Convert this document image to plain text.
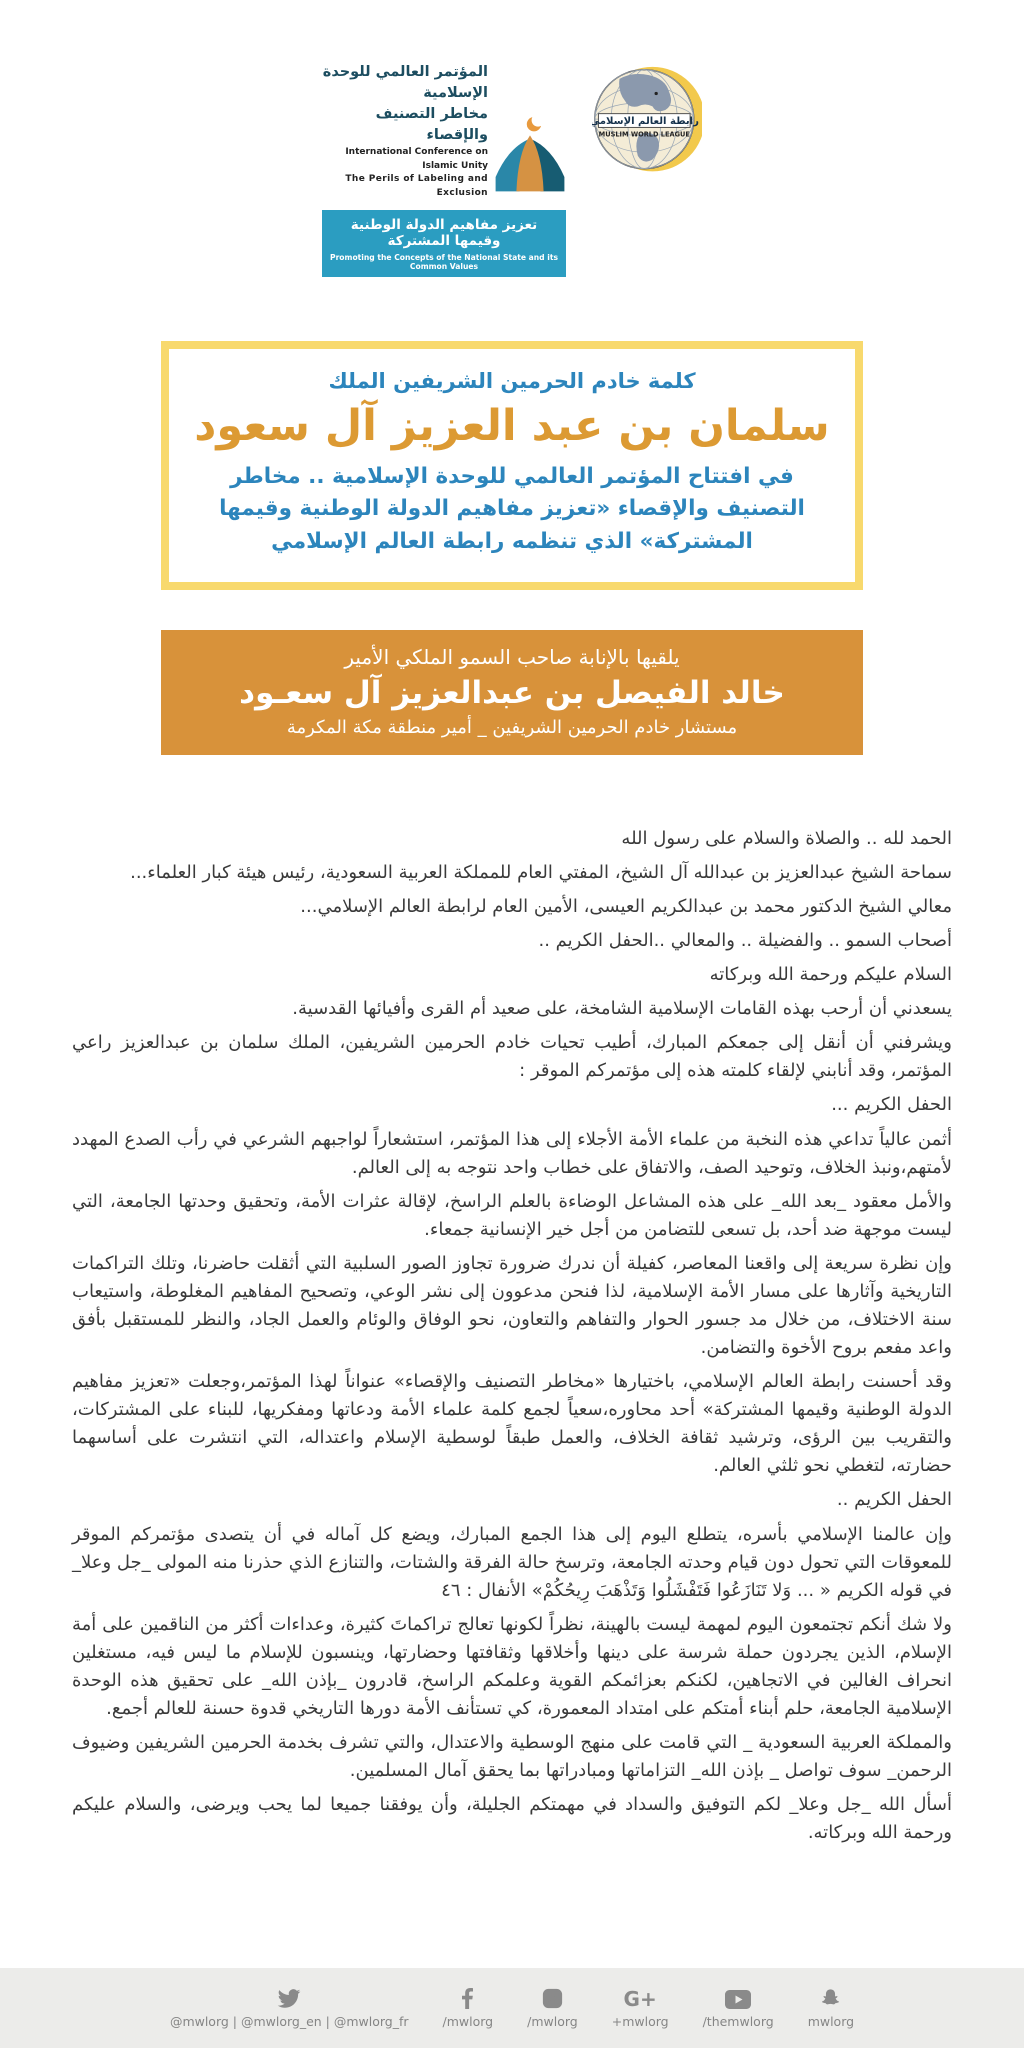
المؤتمر العالمي للوحدة الإسلامية
مخاطر التصنيف والإقصاء
International Conference on Islamic Unity
The Perils of Labeling and Exclusion
تعزيز مفاهيم الدولة الوطنية وقيمها المشتركة
Promoting the Concepts of the National State and its Common Values
رابطة العالم الإسلامي
MUSLIM WORLD LEAGUE
كلمة خادم الحرمين الشريفين الملك
سلمان بن عبد العزيز آل سعود
في افتتاح المؤتمر العالمي للوحدة الإسلامية .. مخاطر التصنيف والإقصاء «تعزيز مفاهيم الدولة الوطنية وقيمها المشتركة» الذي تنظمه رابطة العالم الإسلامي
يلقيها بالإنابة صاحب السمو الملكي الأمير
خالد الفيصل بن عبدالعزيز آل سعـود
مستشار خادم الحرمين الشريفين _ أمير منطقة مكة المكرمة

الحمد لله .. والصلاة والسلام على رسول الله

سماحة الشيخ عبدالعزيز بن عبدالله آل الشيخ، المفتي العام للمملكة العربية السعودية، رئيس هيئة كبار العلماء...

معالي الشيخ الدكتور محمد بن عبدالكريم العيسى، الأمين العام لرابطة العالم الإسلامي...

أصحاب السمو .. والفضيلة .. والمعالي ..الحفل الكريم ..

السلام عليكم ورحمة الله وبركاته

يسعدني أن أرحب بهذه القامات الإسلامية الشامخة، على صعيد أم القرى وأفيائها القدسية.

ويشرفني أن أنقل إلى جمعكم المبارك، أطيب تحيات خادم الحرمين الشريفين، الملك سلمان بن عبدالعزيز راعي المؤتمر، وقد أنابني لإلقاء كلمته هذه إلى مؤتمركم الموقر :

الحفل الكريم ...

أثمن عالياً تداعي هذه النخبة من علماء الأمة الأجلاء إلى هذا المؤتمر، استشعاراً لواجبهم الشرعي في رأب الصدع المهدد لأمتهم،ونبذ الخلاف، وتوحيد الصف، والاتفاق على خطاب واحد نتوجه به إلى العالم.

والأمل معقود _بعد الله_ على هذه المشاعل الوضاءة بالعلم الراسخ، لإقالة عثرات الأمة، وتحقيق وحدتها الجامعة، التي ليست موجهة ضد أحد، بل تسعى للتضامن من أجل خير الإنسانية جمعاء.

وإن نظرة سريعة إلى واقعنا المعاصر، كفيلة أن ندرك ضرورة تجاوز الصور السلبية التي أثقلت حاضرنا، وتلك التراكمات التاريخية وآثارها على مسار الأمة الإسلامية، لذا فنحن مدعوون إلى نشر الوعي، وتصحيح المفاهيم المغلوطة، واستيعاب سنة الاختلاف، من خلال مد جسور الحوار والتفاهم والتعاون، نحو الوفاق والوئام والعمل الجاد، والنظر للمستقبل بأفق واعد مفعم بروح الأخوة والتضامن.

وقد أحسنت رابطة العالم الإسلامي، باختيارها «مخاطر التصنيف والإقصاء» عنواناً لهذا المؤتمر،وجعلت «تعزيز مفاهيم الدولة الوطنية وقيمها المشتركة» أحد محاوره،سعياً لجمع كلمة علماء الأمة ودعاتها ومفكريها، للبناء على المشتركات، والتقريب بين الرؤى، وترشيد ثقافة الخلاف، والعمل طبقاً لوسطية الإسلام واعتداله، التي انتشرت على أساسهما حضارته، لتغطي نحو ثلثي العالم.

الحفل الكريم ..

وإن عالمنا الإسلامي بأسره، يتطلع اليوم إلى هذا الجمع المبارك، ويضع كل آماله في أن يتصدى مؤتمركم الموقر للمعوقات التي تحول دون قيام وحدته الجامعة، وترسخ حالة الفرقة والشتات، والتنازع الذي حذرنا منه المولى _جل وعلا_ في قوله الكريم « ... وَلا تَنَازَعُوا فَتَفْشَلُوا وَتَذْهَبَ رِيحُكُمْ» الأنفال : ٤٦

ولا شك أنكم تجتمعون اليوم لمهمة ليست بالهينة، نظراً لكونها تعالج تراكماتَ كثيرة، وعداءات أكثر من الناقمين على أمة الإسلام، الذين يجردون حملة شرسة على دينها وأخلاقها وثقافتها وحضارتها، وينسبون للإسلام ما ليس فيه، مستغلين انحراف الغالين في الاتجاهين، لكنكم بعزائمكم القوية وعلمكم الراسخ، قادرون _بإذن الله_ على تحقيق هذه الوحدة الإسلامية الجامعة، حلم أبناء أمتكم على امتداد المعمورة، كي تستأنف الأمة دورها التاريخي قدوة حسنة للعالم أجمع.

والمملكة العربية السعودية _ التي قامت على منهج الوسطية والاعتدال، والتي تشرف بخدمة الحرمين الشريفين وضيوف الرحمن_ سوف تواصل _ بإذن الله_ التزاماتها ومبادراتها بما يحقق آمال المسلمين.

أسأل الله _جل وعلا_ لكم التوفيق والسداد في مهمتكم الجليلة، وأن يوفقنا جميعا لما يحب ويرضى، والسلام عليكم ورحمة الله وبركاته.

@mwlorg | @mwlorg_en | @mwlorg_fr	/mwlorg	/mwlorg
G+
+mwlorg	/themwlorg	mwlorg
